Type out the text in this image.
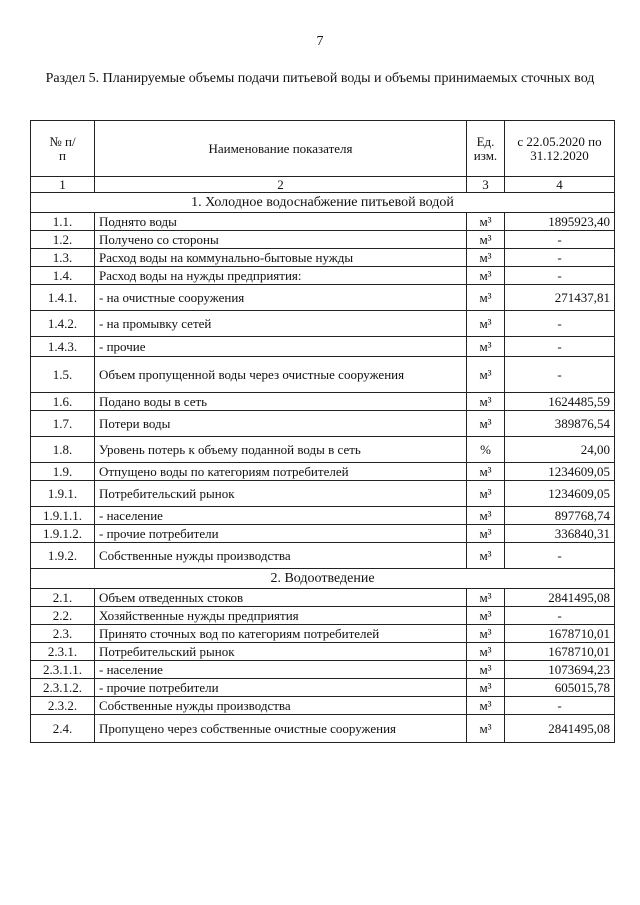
7
Раздел 5. Планируемые объемы подачи питьевой воды и объемы принимаемых сточных вод
№ п/п	Наименование показателя	Ед. изм.	с 22.05.2020 по 31.12.2020
1	2	3	4
1. Холодное водоснабжение питьевой водой			
1.1.	Поднято воды	м³	1895923,40
1.2.	Получено со стороны	м³	-
1.3.	Расход воды на коммунально-бытовые нужды	м³	-
1.4.	Расход воды на нужды предприятия:	м³	-
1.4.1.	- на очистные сооружения	м³	271437,81
1.4.2.	- на промывку сетей	м³	-
1.4.3.	- прочие	м³	-
1.5.	Объем пропущенной воды через очистные сооружения	м³	-
1.6.	Подано воды в сеть	м³	1624485,59
1.7.	Потери воды	м³	389876,54
1.8.	Уровень потерь к объему поданной воды в сеть	%	24,00
1.9.	Отпущено воды по категориям потребителей	м³	1234609,05
1.9.1.	Потребительский рынок	м³	1234609,05
1.9.1.1.	- население	м³	897768,74
1.9.1.2.	- прочие потребители	м³	336840,31
1.9.2.	Собственные нужды производства	м³	-
2. Водоотведение			
2.1.	Объем отведенных стоков	м³	2841495,08
2.2.	Хозяйственные нужды предприятия	м³	-
2.3.	Принято сточных вод по категориям потребителей	м³	1678710,01
2.3.1.	Потребительский рынок	м³	1678710,01
2.3.1.1.	- население	м³	1073694,23
2.3.1.2.	- прочие потребители	м³	605015,78
2.3.2.	Собственные нужды производства	м³	-
2.4.	Пропущено через собственные очистные сооружения	м³	2841495,08
